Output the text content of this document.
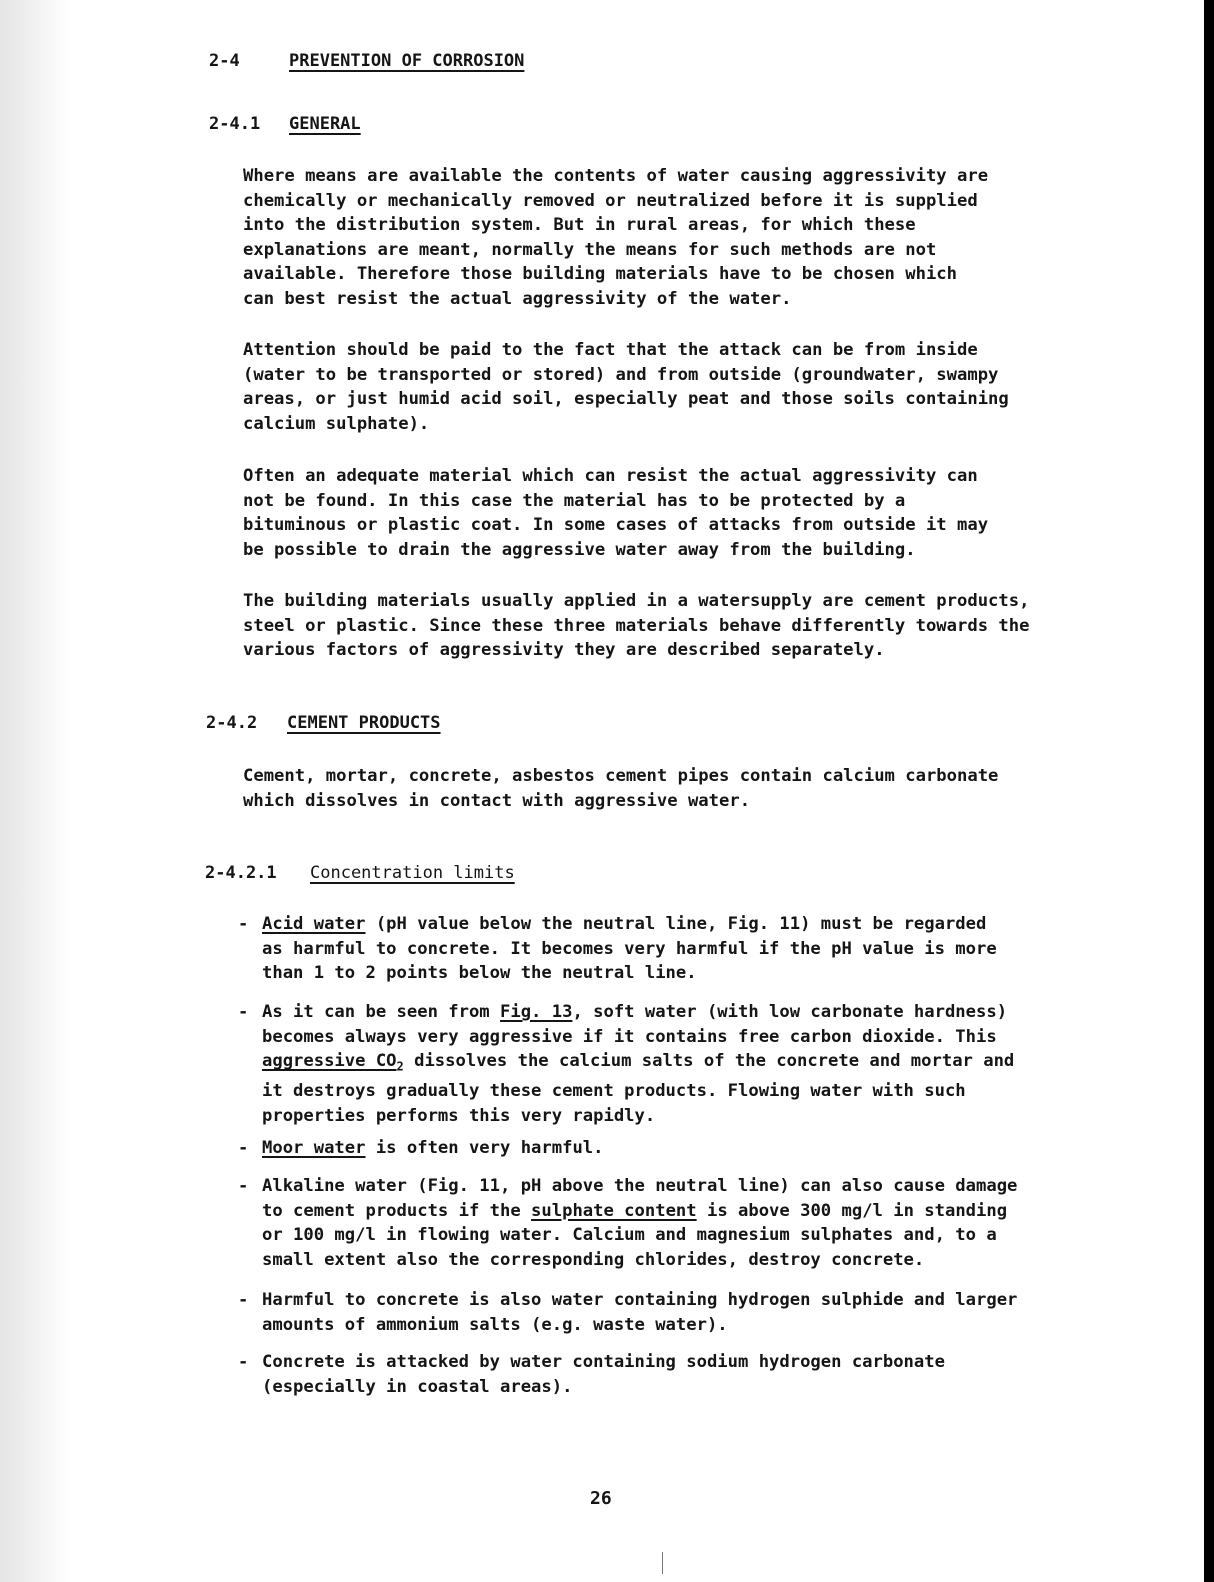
2-4	PREVENTION OF CORROSION
2-4.1 GENERAL

Where means are available the contents of water causing aggressivity are
chemically or mechanically removed or neutralized before it is supplied
into the distribution system. But in rural areas, for which these
explanations are meant, normally the means for such methods are not
available. Therefore those building materials have to be chosen which
can best resist the actual aggressivity of the water.

Attention should be paid to the fact that the attack can be from inside
(water to be transported or stored) and from outside (groundwater, swampy
areas, or just humid acid soil, especially peat and those soils containing
calcium sulphate).

Often an adequate material which can resist the actual aggressivity can
not be found. In this case the material has to be protected by a
bituminous or plastic coat. In some cases of attacks from outside it may
be possible to drain the aggressive water away from the building.

The building materials usually applied in a watersupply are cement products,
steel or plastic. Since these three materials behave differently towards the
various factors of aggressivity they are described separately.

2-4.2 CEMENT PRODUCTS

Cement, mortar, concrete, asbestos cement pipes contain calcium carbonate
which dissolves in contact with aggressive water.

2-4.2.1 Concentration limits

-

Acid water (pH value below the neutral line, Fig. 11) must be regarded
as harmful to concrete. It becomes very harmful if the pH value is more
than 1 to 2 points below the neutral line.

-

As it can be seen from Fig. 13, soft water (with low carbonate hardness)
becomes always very aggressive if it contains free carbon dioxide. This
aggressive $CO_2$ dissolves the calcium salts of the concrete and mortar and
it destroys gradually these cement products. Flowing water with such
properties performs this very rapidly.

-

Moor water is often very harmful.

-

Alkaline water (Fig. 11, pH above the neutral line) can also cause damage
to cement products if the sulphate content is above 300 mg/l in standing
or 100 mg/l in flowing water. Calcium and magnesium sulphates and, to a
small extent also the corresponding chlorides, destroy concrete.

-

Harmful to concrete is also water containing hydrogen sulphide and larger
amounts of ammonium salts (e.g. waste water).

-

Concrete is attacked by water containing sodium hydrogen carbonate
(especially in coastal areas).

26
